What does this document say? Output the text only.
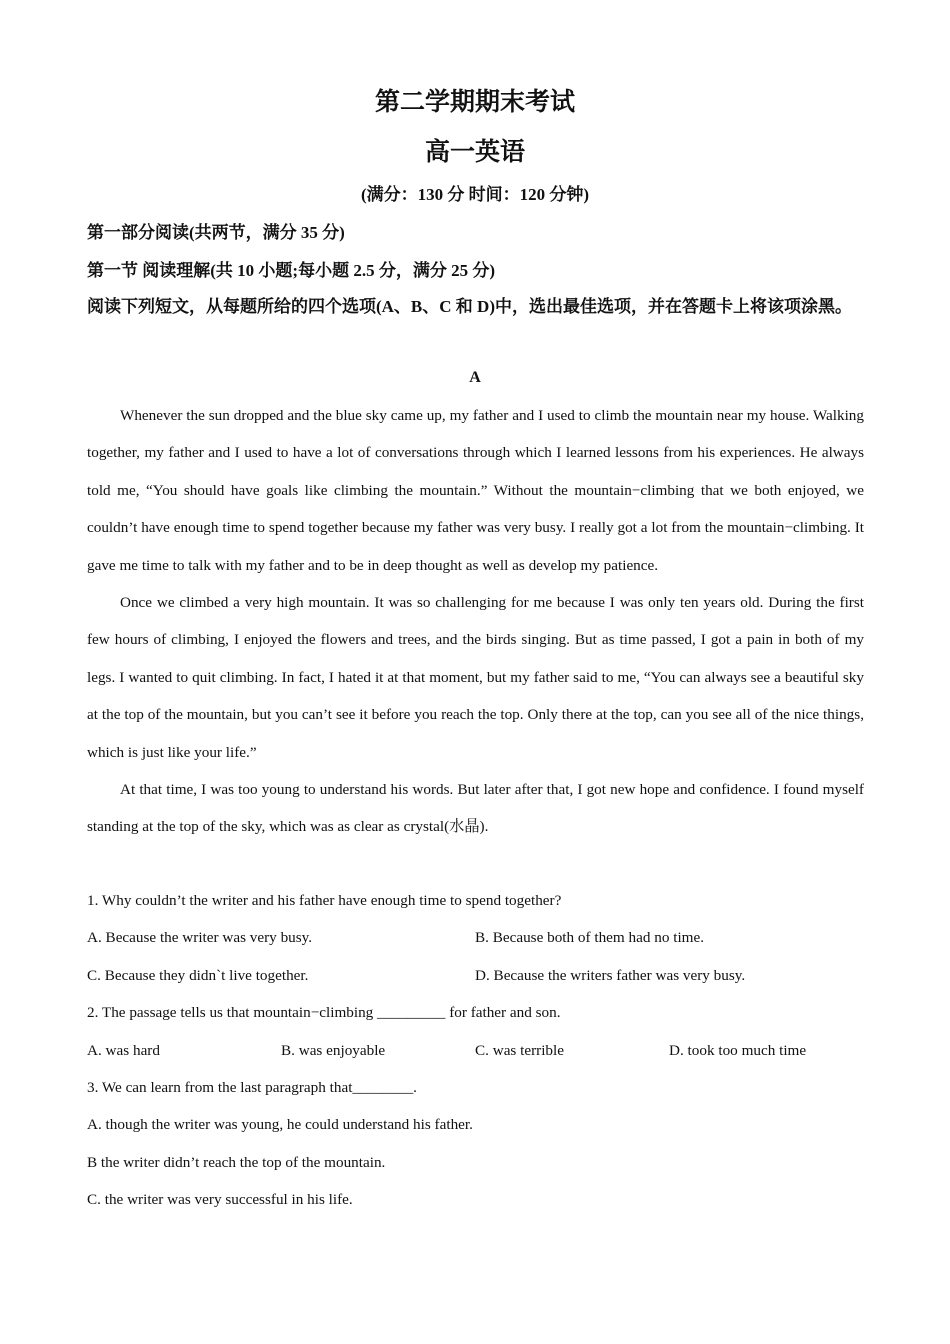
第二学期期末考试
高一英语
(满分：130 分 时间：120 分钟)
第一部分阅读(共两节，满分 35 分)
第一节 阅读理解(共 10 小题;每小题 2.5 分，满分 25 分)
阅读下列短文，从每题所给的四个选项(A、B、C 和 D)中，选出最佳选项，并在答题卡上将该项涂黑。
A

Whenever the sun dropped and the blue sky came up, my father and I used to climb the mountain near my house. Walking together, my father and I used to have a lot of conversations through which I learned lessons from his experiences. He always told me, “You should have goals like climbing the mountain.” Without the mountain−climbing that we both enjoyed, we couldn’t have enough time to spend together because my father was very busy. I really got a lot from the mountain−climbing. It gave me time to talk with my father and to be in deep thought as well as develop my patience.

Once we climbed a very high mountain. It was so challenging for me because I was only ten years old. During the first few hours of climbing, I enjoyed the flowers and trees, and the birds singing. But as time passed, I got a pain in both of my legs. I wanted to quit climbing. In fact, I hated it at that moment, but my father said to me, “You can always see a beautiful sky at the top of the mountain, but you can’t see it before you reach the top. Only there at the top, can you see all of the nice things, which is just like your life.”

At that time, I was too young to understand his words. But later after that, I got new hope and confidence. I found myself standing at the top of the sky, which was as clear as crystal(水晶).

1. Why couldn’t the writer and his father have enough time to spend together?
A. Because the writer was very busy.	B. Because both of them had no time.
C. Because they didn`t live together.	D. Because the writers father was very busy.
2. The passage tells us that mountain−climbing _________ for father and son.
A. was hard	B. was enjoyable	C. was terrible	D. took too much time
3. We can learn from the last paragraph that________.
A. though the writer was young, he could understand his father.
B the writer didn’t reach the top of the mountain.
C. the writer was very successful in his life.
